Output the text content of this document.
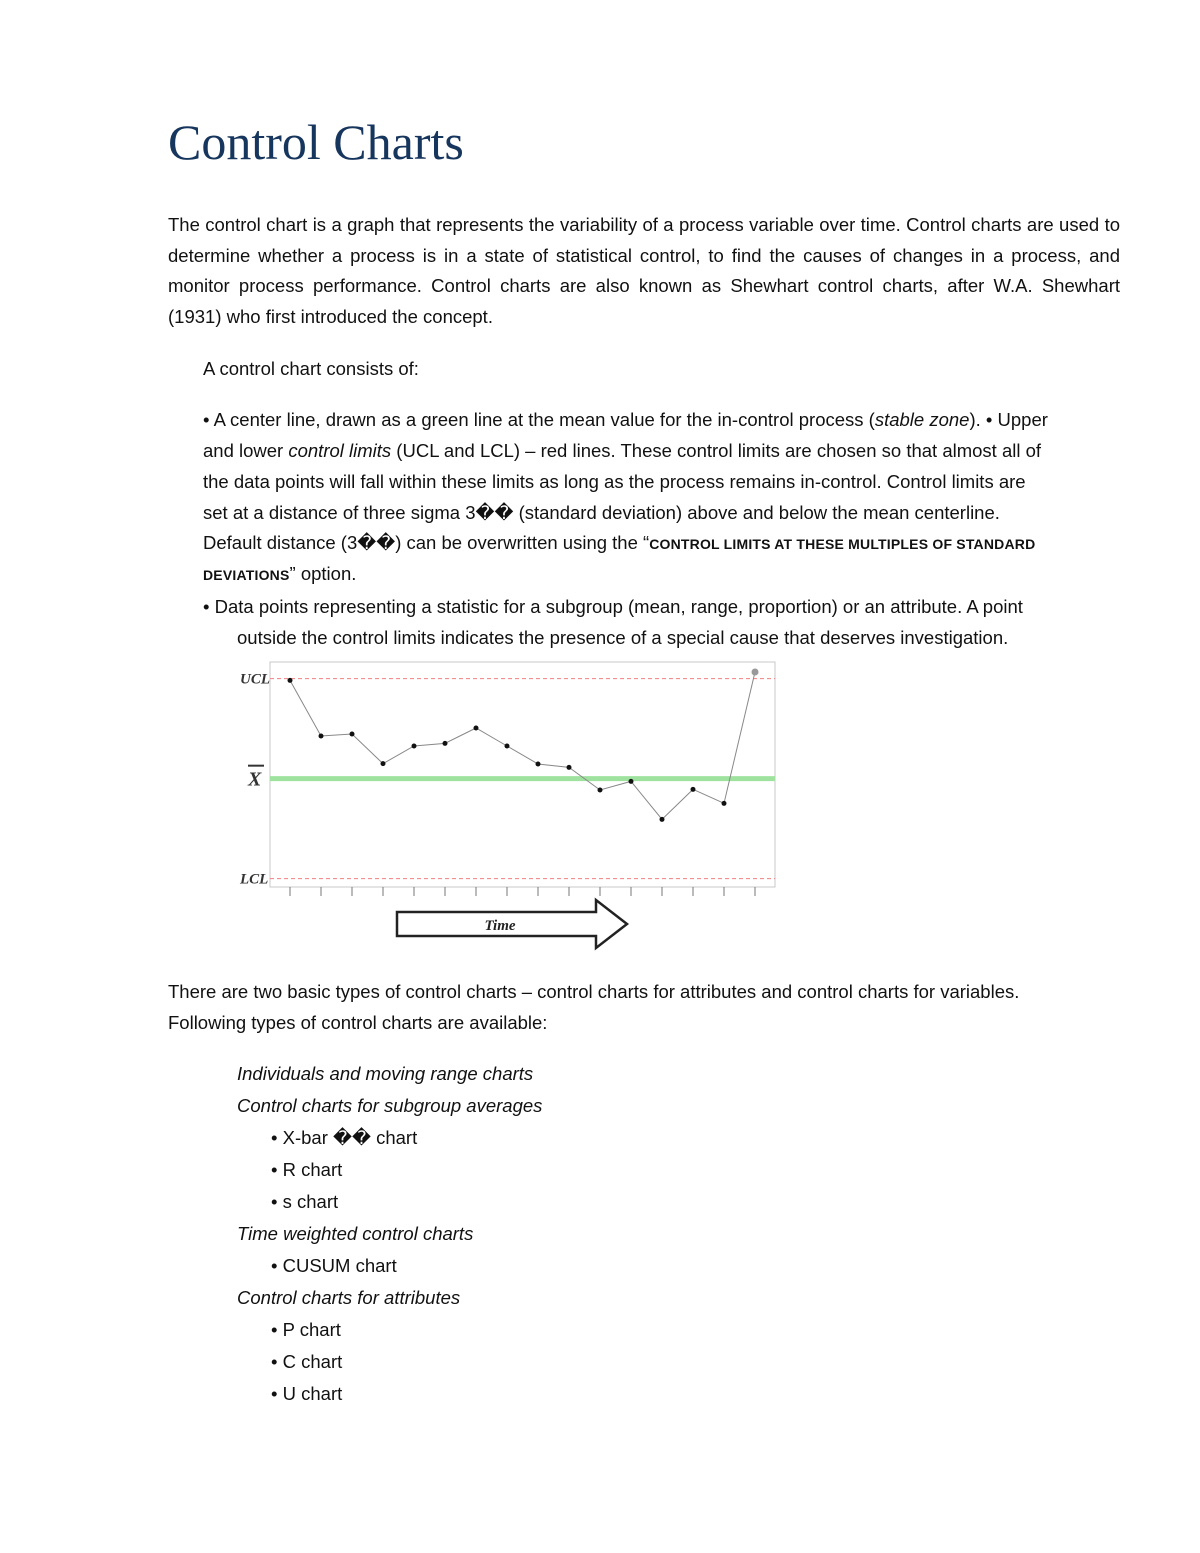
Control Charts
The control chart is a graph that represents the variability of a process variable over time. Control charts are used to determine whether a process is in a state of statistical control, to find the causes of changes in a process, and monitor process performance. Control charts are also known as Shewhart control charts, after W.A. Shewhart (1931) who first introduced the concept.
A control chart consists of:
• A center line, drawn as a green line at the mean value for the in-control process (stable zone). • Upper
and lower control limits (UCL and LCL) – red lines. These control limits are chosen so that almost all of
the data points will fall within these limits as long as the process remains in-control. Control limits are
set at a distance of three sigma 3�� (standard deviation) above and below the mean centerline.
Default distance (3��) can be overwritten using the “CONTROL LIMITS AT THESE MULTIPLES OF STANDARD
DEVIATIONS” option.
• Data points representing a statistic for a subgroup (mean, range, proportion) or an attribute. A point
outside the control limits indicates the presence of a special cause that deserves investigation.
UCL
LCL
X
Time
There are two basic types of control charts – control charts for attributes and control charts for variables.
Following types of control charts are available:
Individuals and moving range charts
Control charts for subgroup averages
• X-bar �� chart
• R chart
• s chart
Time weighted control charts
• CUSUM chart
Control charts for attributes
• P chart
• C chart
• U chart
